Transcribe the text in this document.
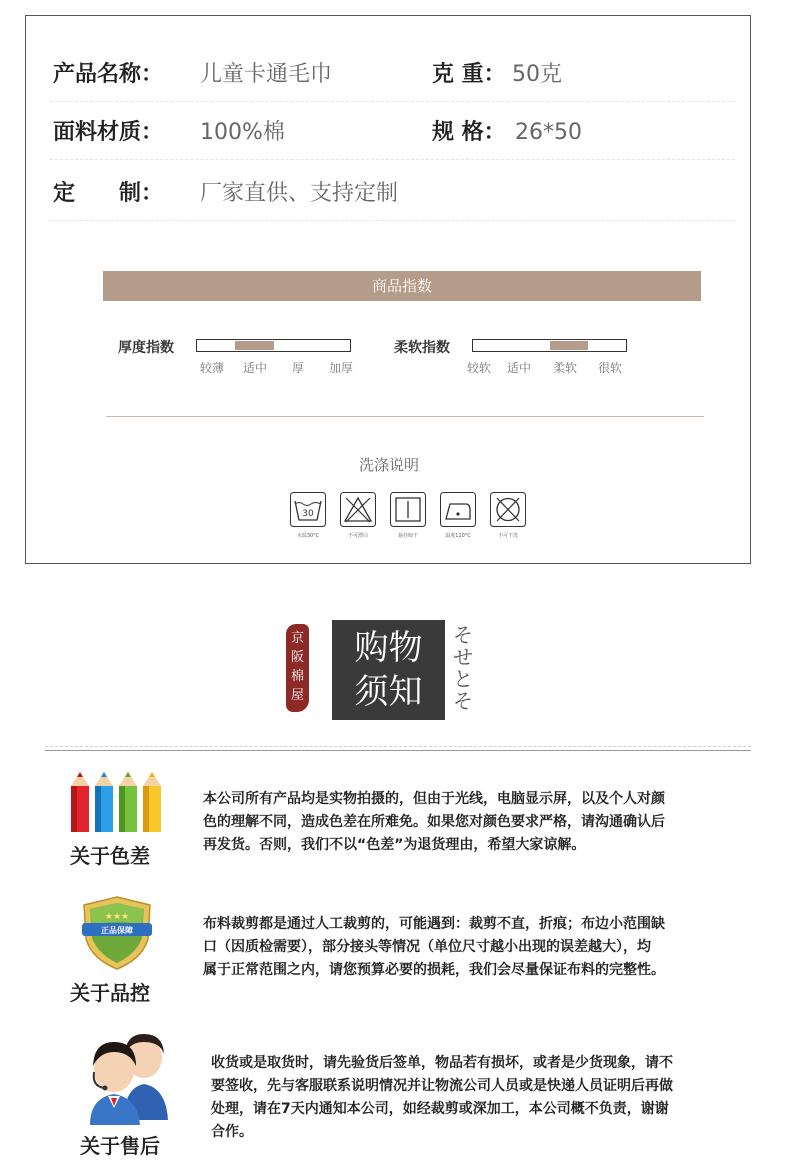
产品名称： 儿童卡通毛巾	克 重： 50克
面料材质： 100%棉	规 格： 26*50
定　　制： 厂家直供、支持定制
商品指数
厚度指数
较薄 适中 厚 加厚
柔软指数
较软 适中 柔软 很软
洗涤说明
30
水温30°C	不可漂白	悬挂晾干	温度110°C	不可干洗
京阪棉屋
购物
须知
そ
せ
と
そ
关于色差
本公司所有产品均是实物拍摄的，但由于光线，电脑显示屏，以及个人对颜
色的理解不同，造成色差在所难免。如果您对颜色要求严格，请沟通确认后
再发货。否则，我们不以“色差”为退货理由，希望大家谅解。
正品保障
★★★
关于品控
布料裁剪都是通过人工裁剪的，可能遇到：裁剪不直，折痕；布边小范围缺
口（因质检需要），部分接头等情况（单位尺寸越小出现的误差越大），均
属于正常范围之内，请您预算必要的损耗，我们会尽量保证布料的完整性。
关于售后
收货或是取货时，请先验货后签单，物品若有损坏，或者是少货现象，请不
要签收，先与客服联系说明情况并让物流公司人员或是快递人员证明后再做
处理，请在7天内通知本公司，如经裁剪或深加工，本公司概不负责，谢谢
合作。
